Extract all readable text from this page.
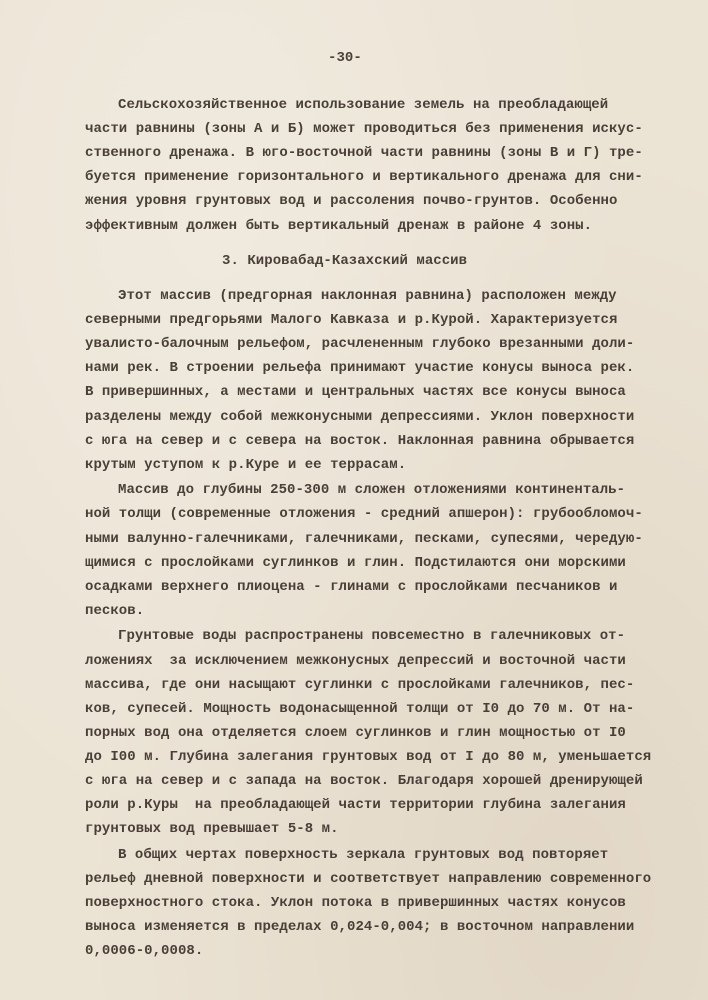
-30-
Сельскохозяйственное использование земель на преобладающей
части равнины (зоны А и Б) может проводиться без применения искус-
ственного дренажа. В юго-восточной части равнины (зоны В и Г) тре-
буется применение горизонтального и вертикального дренажа для сни-
жения уровня грунтовых вод и рассоления почво-грунтов. Особенно
эффективным должен быть вертикальный дренаж в районе 4 зоны.
3. Кировабад-Казахский массив
Этот массив (предгорная наклонная равнина) расположен между
северными предгорьями Малого Кавказа и р.Курой. Характеризуется
увалисто-балочным рельефом, расчлененным глубоко врезанными доли-
нами рек. В строении рельефа принимают участие конусы выноса рек.
В привершинных, а местами и центральных частях все конусы выноса
разделены между собой межконусными депрессиями. Уклон поверхности
с юга на север и с севера на восток. Наклонная равнина обрывается
крутым уступом к р.Куре и ее террасам.
Массив до глубины 250-300 м сложен отложениями континенталь-
ной толщи (современные отложения - средний апшерон): грубообломоч-
ными валунно-галечниками, галечниками, песками, супесями, чередую-
щимися с прослойками суглинков и глин. Подстилаются они морскими
осадками верхнего плиоцена - глинами с прослойками песчаников и
песков.
Грунтовые воды распространены повсеместно в галечниковых от-
ложениях  за исключением межконусных депрессий и восточной части
массива, где они насыщают суглинки с прослойками галечников, пес-
ков, супесей. Мощность водонасыщенной толщи от I0 до 70 м. От на-
порных вод она отделяется слоем суглинков и глин мощностью от I0
до I00 м. Глубина залегания грунтовых вод от I до 80 м, уменьшается
с юга на север и с запада на восток. Благодаря хорошей дренирующей
роли р.Куры  на преобладающей части территории глубина залегания
грунтовых вод превышает 5-8 м.
В общих чертах поверхность зеркала грунтовых вод повторяет
рельеф дневной поверхности и соответствует направлению современного
поверхностного стока. Уклон потока в привершинных частях конусов
выноса изменяется в пределах 0,024-0,004; в восточном направлении
0,0006-0,0008.
